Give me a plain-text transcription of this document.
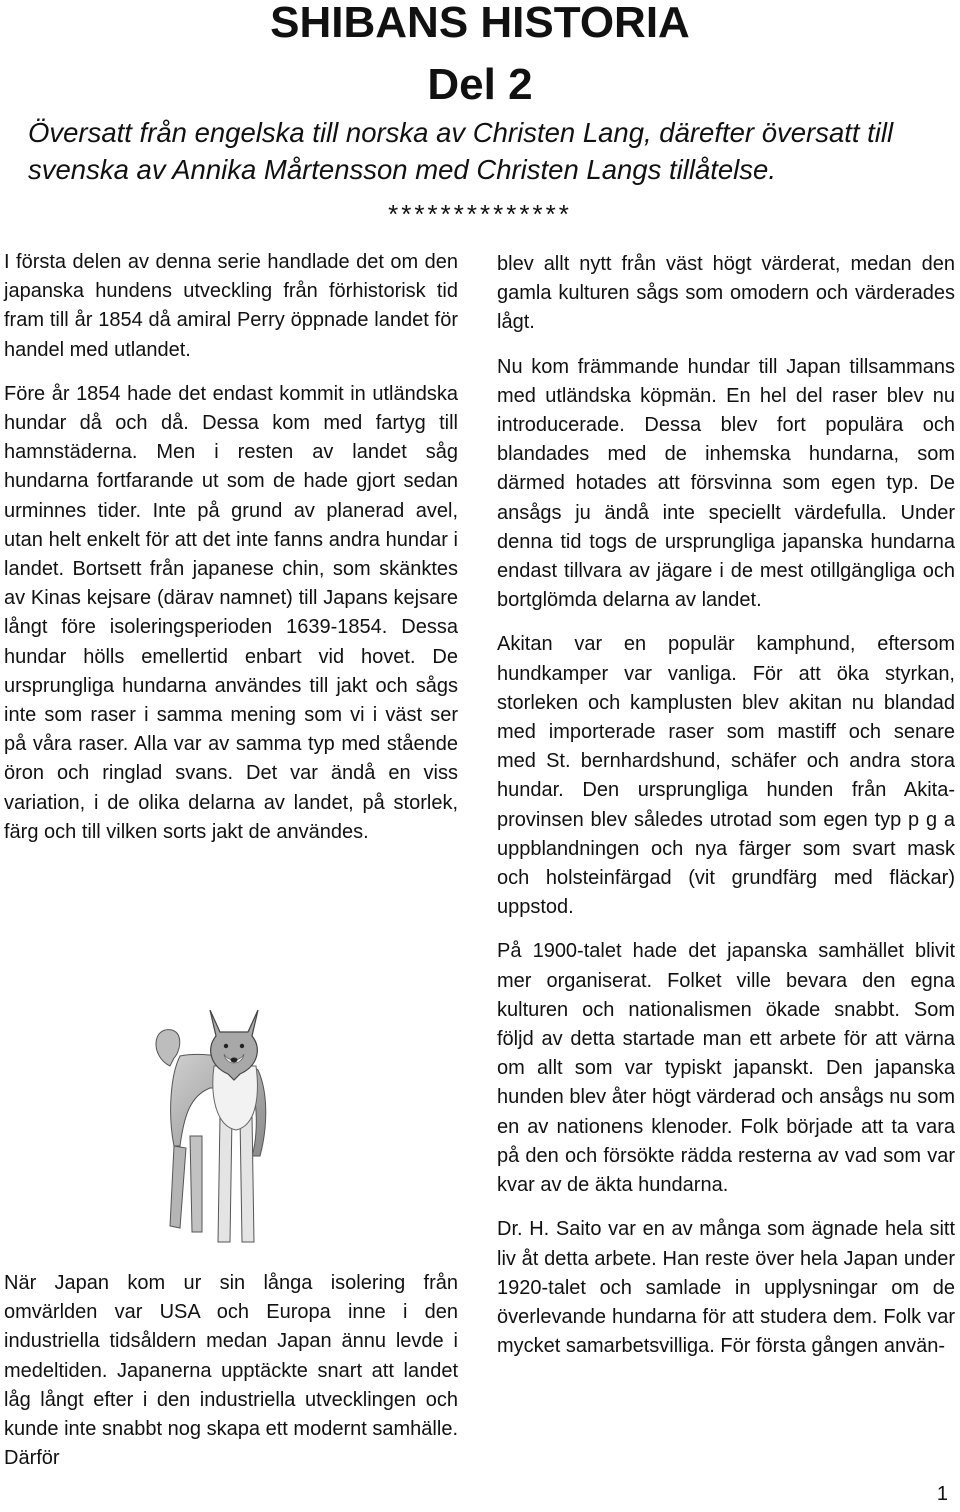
SHIBANS HISTORIA
Del 2

Översatt från engelska till norska av Christen Lang, därefter översatt till svenska av Annika Mårtensson med Christen Langs tillåtelse.

**************

I första delen av denna serie handlade det om den japanska hundens utveckling från förhistorisk tid fram till år 1854 då amiral Perry öppnade landet för handel med utlandet.

Före år 1854 hade det endast kommit in utländska hundar då och då. Dessa kom med fartyg till hamnstäderna. Men i resten av landet såg hundarna fortfarande ut som de hade gjort sedan urminnes tider. Inte på grund av planerad avel, utan helt enkelt för att det inte fanns andra hundar i landet. Bortsett från japanese chin, som skänktes av Kinas kejsare (därav namnet) till Japans kejsare långt före isoleringsperioden 1639-1854. Dessa hundar hölls emellertid enbart vid hovet. De ursprungliga hundarna användes till jakt och sågs inte som raser i samma mening som vi i väst ser på våra raser. Alla var av samma typ med stående öron och ringlad svans. Det var ändå en viss variation, i de olika delarna av landet, på storlek, färg och till vilken sorts jakt de användes.

När Japan kom ur sin långa isolering från omvärlden var USA och Europa inne i den industriella tidsåldern medan Japan ännu levde i medeltiden. Japanerna upptäckte snart att landet låg långt efter i den industriella utvecklingen och kunde inte snabbt nog skapa ett modernt samhälle. Därför

blev allt nytt från väst högt värderat, medan den gamla kulturen sågs som omodern och värderades lågt.

Nu kom främmande hundar till Japan tillsammans med utländska köpmän. En hel del raser blev nu introducerade. Dessa blev fort populära och blandades med de inhemska hundarna, som därmed hotades att försvinna som egen typ. De ansågs ju ändå inte speciellt värdefulla. Under denna tid togs de ursprungliga japanska hundarna endast tillvara av jägare i de mest otillgängliga och bortglömda delarna av landet.

Akitan var en populär kamphund, eftersom hundkamper var vanliga. För att öka styrkan, storleken och kamplusten blev akitan nu blandad med importerade raser som mastiff och senare med St. bernhardshund, schäfer och andra stora hundar. Den ursprungliga hunden från Akita-provinsen blev således utrotad som egen typ p g a uppblandningen och nya färger som svart mask och holsteinfärgad (vit grundfärg med fläckar) uppstod.

På 1900-talet hade det japanska samhället blivit mer organiserat. Folket ville bevara den egna kulturen och nationalismen ökade snabbt. Som följd av detta startade man ett arbete för att värna om allt som var typiskt japanskt. Den japanska hunden blev åter högt värderad och ansågs nu som en av nationens klenoder. Folk började att ta vara på den och försökte rädda resterna av vad som var kvar av de äkta hundarna.

Dr. H. Saito var en av många som ägnade hela sitt liv åt detta arbete. Han reste över hela Japan under 1920-talet och samlade in upplysningar om de överlevande hundarna för att studera dem. Folk var mycket samarbetsvilliga. För första gången använ-

1
